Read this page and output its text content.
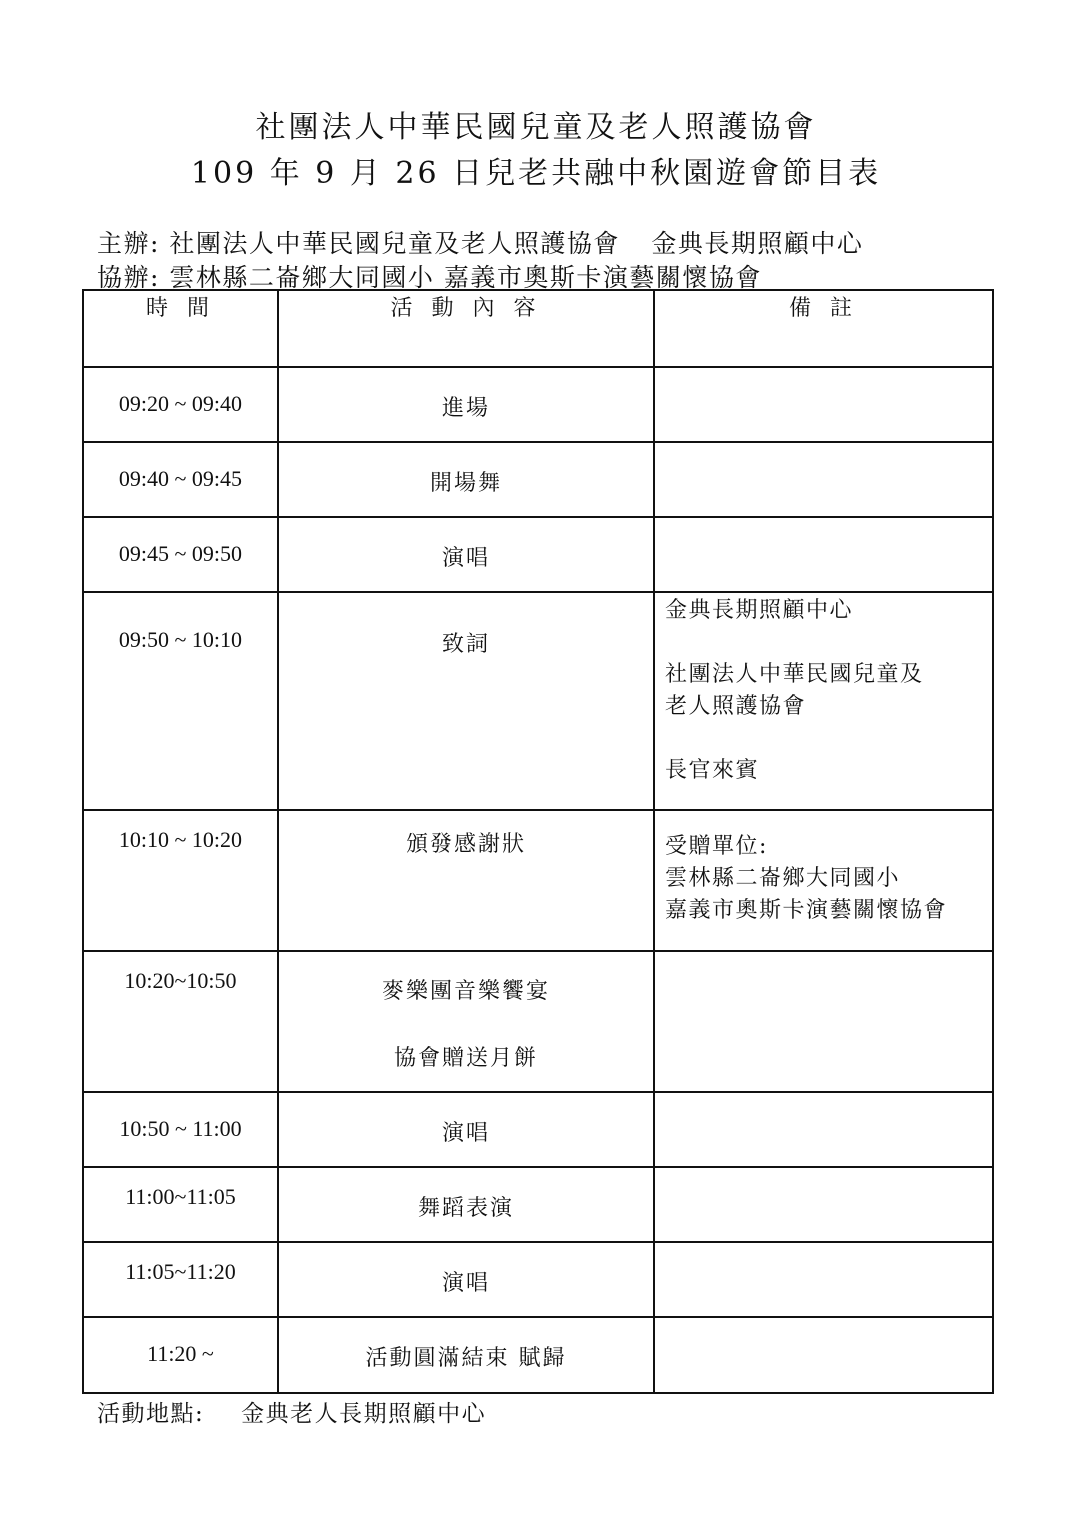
社團法人中華民國兒童及老人照護協會
109 年 9 月 26 日兒老共融中秋園遊會節目表
主辦: 社團法人中華民國兒童及老人照護協會 金典長期照顧中心
協辦: 雲林縣二崙鄉大同國小 嘉義市奧斯卡演藝關懷協會
時 間	活 動 內 容	備 註
09:20 ~ 09:40	進場	

09:40 ~ 09:45	開場舞	

09:45 ~ 09:50	演唱	

09:50 ~ 10:10	致詞	金典長期照顧中心
社團法人中華民國兒童及
老人照護協會
長官來賓

10:10 ~ 10:20	頒發感謝狀	受贈單位:
雲林縣二崙鄉大同國小
嘉義市奧斯卡演藝關懷協會

10:20~10:50	麥樂團音樂饗宴
協會贈送月餅	

10:50 ~ 11:00	演唱	

11:00~11:05	舞蹈表演	

11:05~11:20	演唱	

11:20 ~	活動圓滿結束 賦歸	

活動地點: 金典老人長期照顧中心
